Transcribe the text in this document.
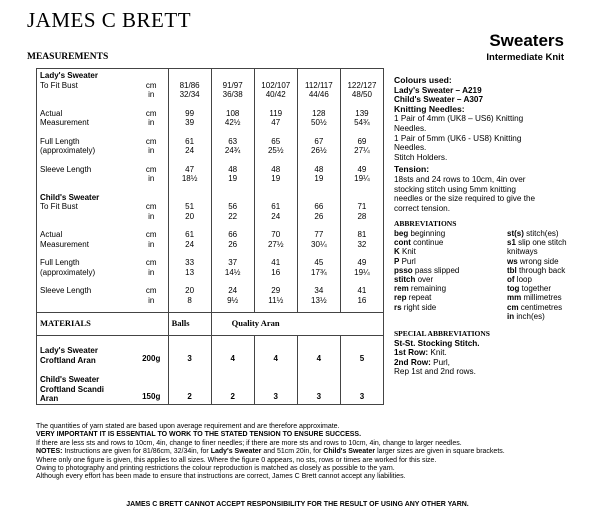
JAMES C BRETT
MEASUREMENTS
Sweaters
Intermediate Knit
Lady's Sweater
To Fit Bust	cm	81/86	91/97	102/107	112/117	122/127

	in	32/34	36/38	40/42	44/46	48/50

Actual	cm	99	108	119	128	139
Measurement	in	39	42½	47	50½	54¾

Full Length	cm	61	63	65	67	69
(approximately)	in	24	24¾	25½	26½	27¼

Sleeve Length	cm	47	48	48	48	49
	in	18½	19	19	19	19¼

Child's Sweater
To Fit Bust	cm	51	56	61	66	71

	in	20	22	24	26	28

Actual	cm	61	66	70	77	81
Measurement	in	24	26	27½	30¼	32

Full Length	cm	33	37	41	45	49
(approximately)	in	13	14½	16	17¾	19¼

Sleeve Length	cm	20	24	29	34	41
	in	8	9½	11½	13½	16

MATERIALS		Balls	Quality Aran			

Lady's Sweater
Croftland Aran	200g	3	4	4	4	5

Child's Sweater
Croftland Scandi
Aran	150g	2	2	3	3	3
Colours used:
Lady's Sweater – A219
Child's Sweater – A307
Knitting Needles:
1 Pair of 4mm (UK8 – US6) Knitting
Needles.
1 Pair of 5mm (UK6 - US8) Knitting
Needles.
Stitch Holders.
Tension:
18sts and 24 rows to 10cm, 4in over
stocking stitch using 5mm knitting
needles or the size required to give the
correct tension.
ABBREVIATIONS
beg beginning	st(s) stitch(es)
cont continue	s1 slip one stitch
K Knit	knitways
P Purl	ws wrong side
psso pass slipped	tbl through back
stitch over	of loop
rem remaining	tog together
rep repeat	mm millimetres
rs right side	cm centimetres
in inch(es)
SPECIAL ABBREVIATIONS
St-St. Stocking Stitch.
1st Row: Knit.
2nd Row: Purl,
Rep 1st and 2nd rows.
The quantities of yarn stated are based upon average requirement and are therefore approximate.
VERY IMPORTANT IT IS ESSENTIAL TO WORK TO THE STATED TENSION TO ENSURE SUCCESS.
If there are less sts and rows to 10cm, 4in, change to finer needles; if there are more sts and rows to 10cm, 4in, change to larger needles.
NOTES: Instructions are given for 81/86cm, 32/34in, for Lady's Sweater and 51cm 20in, for Child's Sweater larger sizes are given in square brackets.
Where only one figure is given, this applies to all sizes. Where the figure 0 appears, no sts, rows or times are worked for this size.
Owing to photography and printing restrictions the colour reproduction is matched as closely as possible to the yarn.
Although every effort has been made to ensure that instructions are correct, James C Brett cannot accept any liabilities.
JAMES C BRETT CANNOT ACCEPT RESPONSIBILITY FOR THE RESULT OF USING ANY OTHER YARN.
